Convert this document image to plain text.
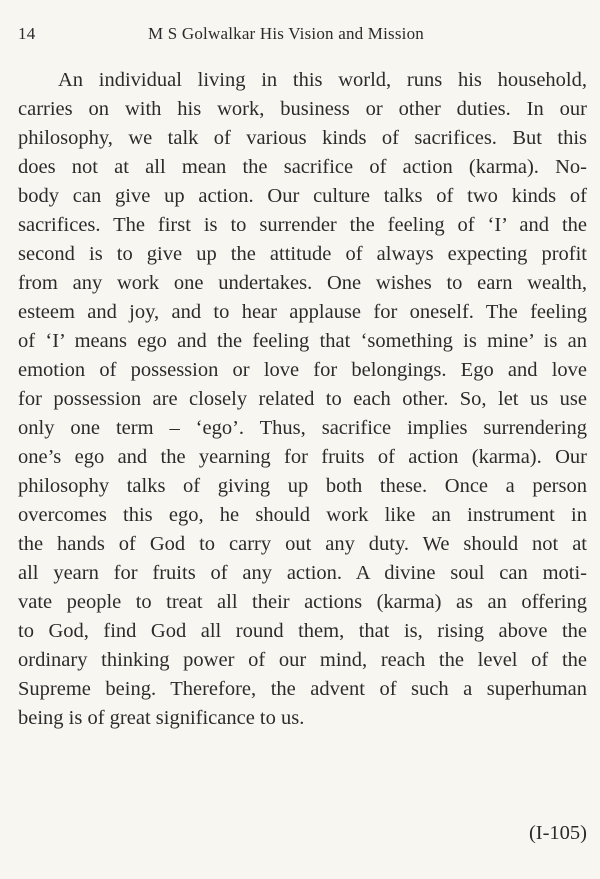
14	M S Golwalkar His Vision and Mission
An individual living in this world, runs his household,
carries on with his work, business or other duties. In our
philosophy, we talk of various kinds of sacrifices. But this
does not at all mean the sacrifice of action (karma). No-
body can give up action. Our culture talks of two kinds of
sacrifices. The first is to surrender the feeling of ‘I’ and the
second is to give up the attitude of always expecting profit
from any work one undertakes. One wishes to earn wealth,
esteem and joy, and to hear applause for oneself. The feeling
of ‘I’ means ego and the feeling that ‘something is mine’ is an
emotion of possession or love for belongings. Ego and love
for possession are closely related to each other. So, let us use
only one term – ‘ego’. Thus, sacrifice implies surrendering
one’s ego and the yearning for fruits of action (karma). Our
philosophy talks of giving up both these. Once a person
overcomes this ego, he should work like an instrument in
the hands of God to carry out any duty. We should not at
all yearn for fruits of any action. A divine soul can moti-
vate people to treat all their actions (karma) as an offering
to God, find God all round them, that is, rising above the
ordinary thinking power of our mind, reach the level of the
Supreme being. Therefore, the advent of such a superhuman
being is of great significance to us.
(I-105)
